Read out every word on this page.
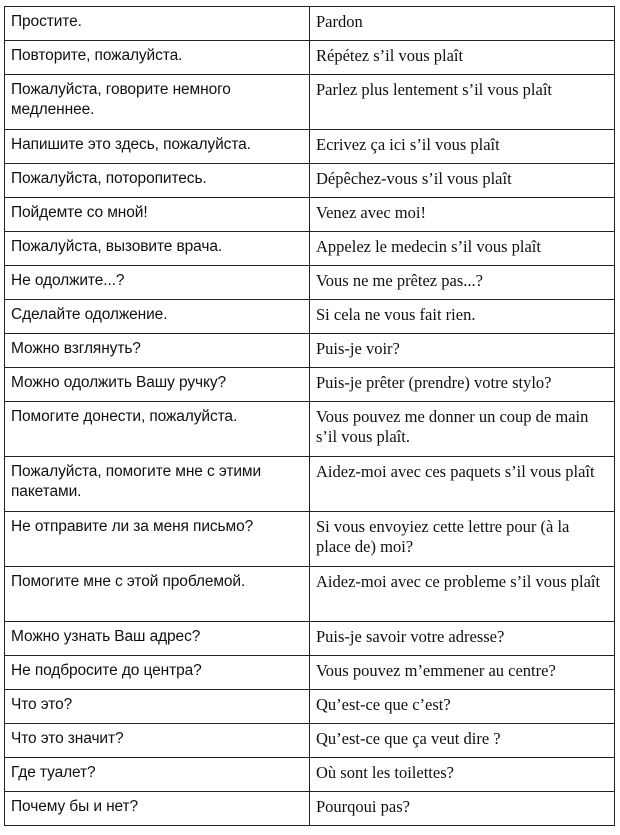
Простите.	Pardon
Повторите, пожалуйста.	Répétez s’il vous plaît
Пожалуйста, говорите немного медленнее.	Parlez plus lentement s’il vous plaît
Напишите это здесь, пожалуйста.	Ecrivez ça ici s’il vous plaît
Пожалуйста, поторопитесь.	Dépêchez-vous s’il vous plaît
Пойдемте со мной!	Venez avec moi!
Пожалуйста, вызовите врача.	Appelez le medecin s’il vous plaît
Не одолжите...?	Vous ne me prêtez pas...?
Сделайте одолжение.	Si cela ne vous fait rien.
Можно взглянуть?	Puis-je voir?
Можно одолжить Вашу ручку?	Puis-je prêter (prendre) votre stylo?
Помогите донести, пожалуйста.	Vous pouvez me donner un coup de main s’il vous plaît.
Пожалуйста, помогите мне с этими пакетами.	Aidez-moi avec ces paquets s’il vous plaît
Не отправите ли за меня письмо?	Si vous envoyiez cette lettre pour (à la place de) moi?
Помогите мне с этой проблемой.	Aidez-moi avec ce probleme s’il vous plaît
Можно узнать Ваш адрес?	Puis-je savoir votre adresse?
Не подбросите до центра?	Vous pouvez m’emmener au centre?
Что это?	Qu’est-ce que c’est?
Что это значит?	Qu’est-ce que ça veut dire ?
Где туалет?	Où sont les toilettes?
Почему бы и нет?	Pourqoui pas?
